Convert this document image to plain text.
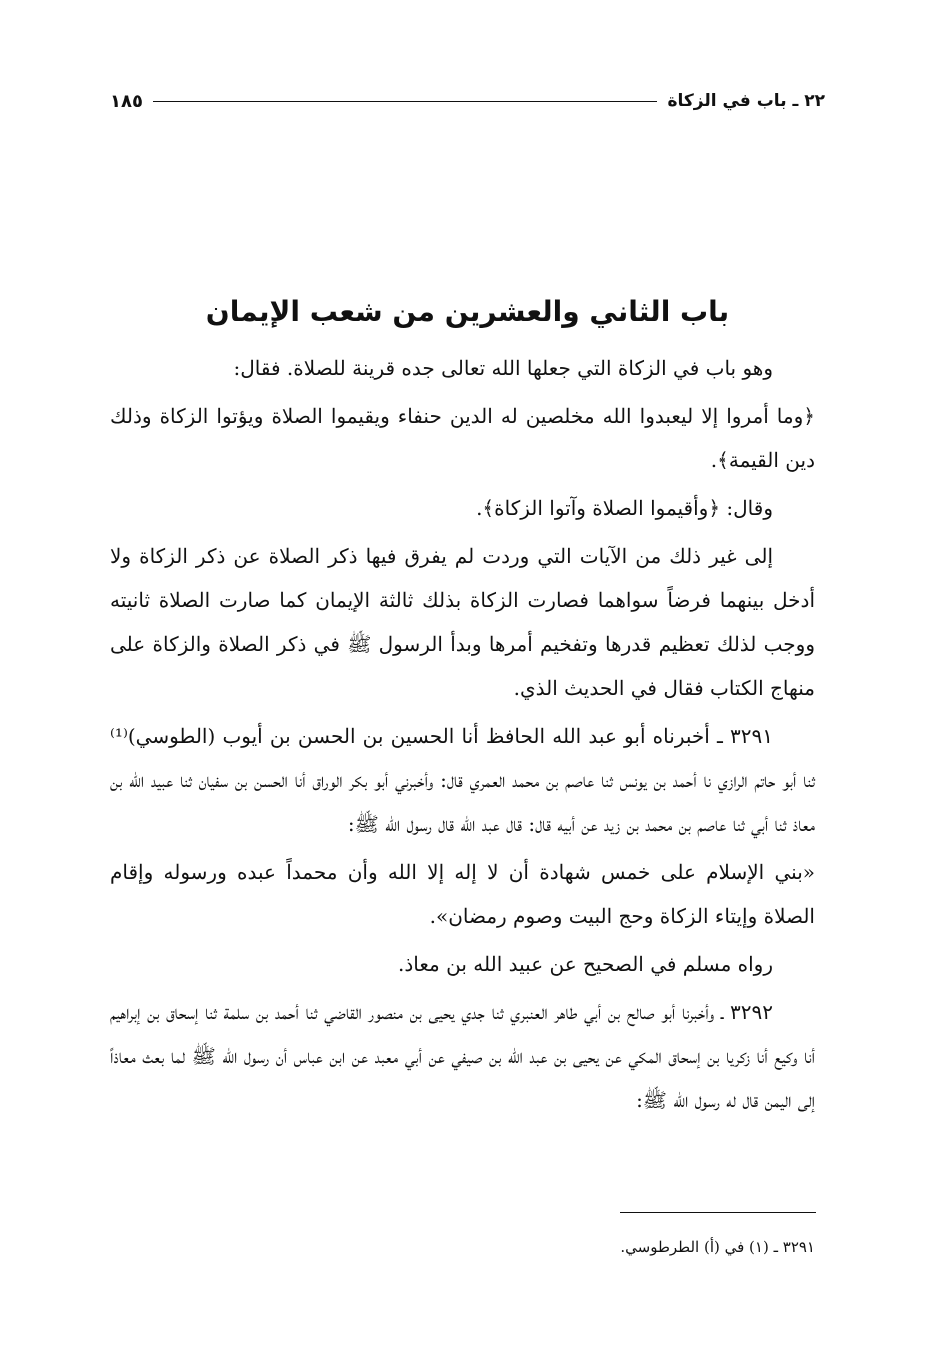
٢٢ ـ باب في الزكاة
١٨٥
باب الثاني والعشرين من شعب الإيمان

وهو باب في الزكاة التي جعلها الله تعالى جده قرينة للصلاة. فقال:

﴿وما أمروا إلا ليعبدوا الله مخلصين له الدين حنفاء ويقيموا الصلاة ويؤتوا الزكاة وذلك دين القيمة﴾.

وقال: ﴿وأقيموا الصلاة وآتوا الزكاة﴾.

إلى غير ذلك من الآيات التي وردت لم يفرق فيها ذكر الصلاة عن ذكر الزكاة ولا أدخل بينهما فرضاً سواهما فصارت الزكاة بذلك ثالثة الإيمان كما صارت الصلاة ثانيته ووجب لذلك تعظيم قدرها وتفخيم أمرها وبدأ الرسول ﷺ في ذكر الصلاة والزكاة على منهاج الكتاب فقال في الحديث الذي.

٣٢٩١ ـ أخبرناه أبو عبد الله الحافظ أنا الحسين بن الحسن بن أيوب (الطوسي)⁽¹⁾ ثنا أبو حاتم الرازي نا أحمد بن يونس ثنا عاصم بن محمد العمري قال: وأخبرني أبو بكر الوراق أنا الحسن بن سفيان ثنا عبيد الله بن معاذ ثنا أبي ثنا عاصم بن محمد بن زيد عن أبيه قال: قال عبد الله قال رسول الله ﷺ:

«بني الإسلام على خمس شهادة أن لا إله إلا الله وأن محمداً عبده ورسوله وإقام الصلاة وإيتاء الزكاة وحج البيت وصوم رمضان».

رواه مسلم في الصحيح عن عبيد الله بن معاذ.

٣٢٩٢ ـ وأخبرنا أبو صالح بن أبي طاهر العنبري ثنا جدي يحيى بن منصور القاضي ثنا أحمد بن سلمة ثنا إسحاق بن إبراهيم أنا وكيع أنا زكريا بن إسحاق المكي عن يحيى بن عبد الله بن صيفي عن أبي معبد عن ابن عباس أن رسول الله ﷺ لما بعث معاذاً إلى اليمن قال له رسول الله ﷺ:

٣٢٩١ ـ (١) في (أ) الطرطوسي.
